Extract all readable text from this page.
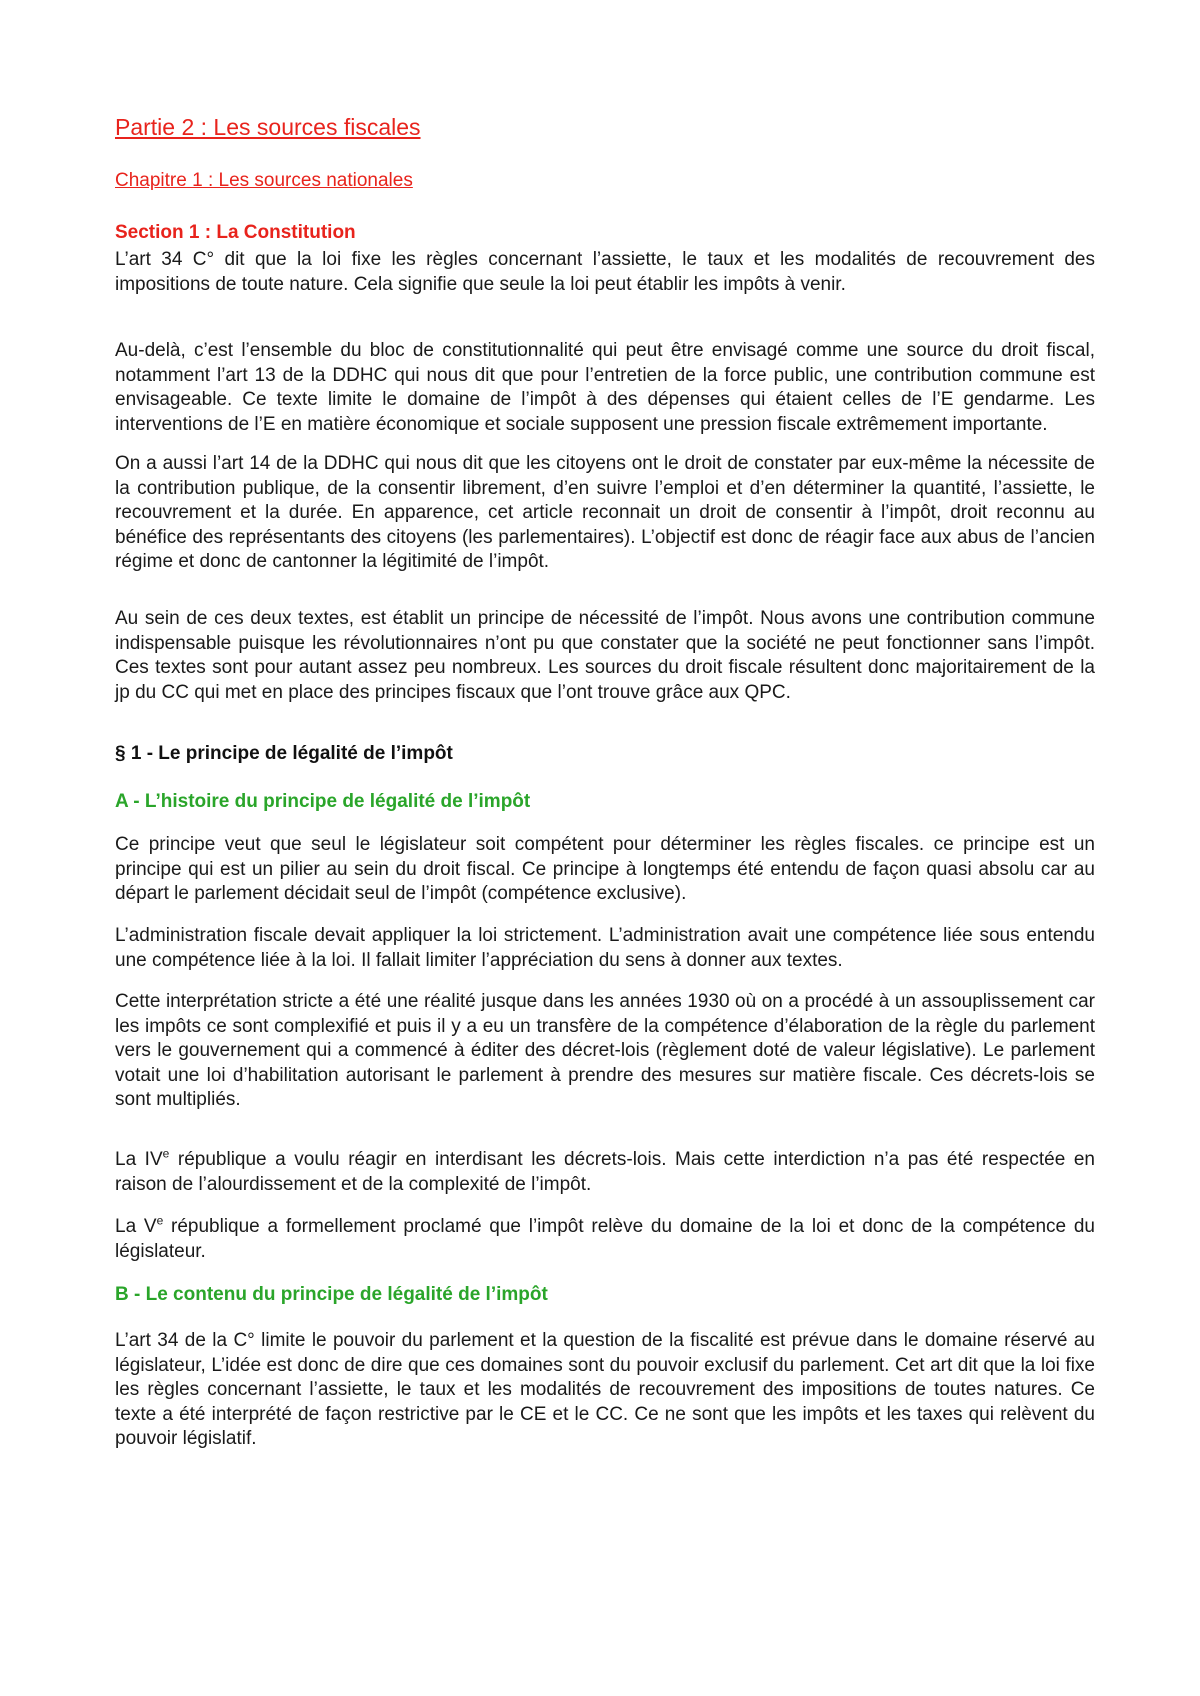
Partie 2 : Les sources fiscales
Chapitre 1 : Les sources nationales
Section 1 : La Constitution

L’art 34 C° dit que la loi fixe les règles concernant l’assiette, le taux et les modalités de recouvrement des impositions de toute nature. Cela signifie que seule la loi peut établir les impôts à venir.

Au-delà, c’est l’ensemble du bloc de constitutionnalité qui peut être envisagé comme une source du droit fiscal, notamment l’art 13 de la DDHC qui nous dit que pour l’entretien de la force public, une contribution commune est envisageable. Ce texte limite le domaine de l’impôt à des dépenses qui étaient celles de l’E gendarme. Les interventions de l’E en matière économique et sociale supposent une pression fiscale extrêmement importante.

On a aussi l’art 14 de la DDHC qui nous dit que les citoyens ont le droit de constater par eux-même la nécessite de la contribution publique, de la consentir librement, d’en suivre l’emploi et d’en déterminer la quantité, l’assiette, le recouvrement et la durée. En apparence, cet article reconnait un droit de consentir à l’impôt, droit reconnu au bénéfice des représentants des citoyens (les parlementaires). L’objectif est donc de réagir face aux abus de l’ancien régime et donc de cantonner la légitimité de l’impôt.

Au sein de ces deux textes, est établit un principe de nécessité de l’impôt. Nous avons une contribution commune indispensable puisque les révolutionnaires n’ont pu que constater que la société ne peut fonctionner sans l’impôt. Ces textes sont pour autant assez peu nombreux. Les sources du droit fiscale résultent donc majoritairement de la jp du CC qui met en place des principes fiscaux que l’ont trouve grâce aux QPC.

§ 1 - Le principe de légalité de l’impôt
A - L’histoire du principe de légalité de l’impôt

Ce principe veut que seul le législateur soit compétent pour déterminer les règles fiscales. ce principe est un principe qui est un pilier au sein du droit fiscal. Ce principe à longtemps été entendu de façon quasi absolu car au départ le parlement décidait seul de l’impôt (compétence exclusive).

L’administration fiscale devait appliquer la loi strictement. L’administration avait une compétence liée sous entendu une compétence liée à la loi. Il fallait limiter l’appréciation du sens à donner aux textes.

Cette interprétation stricte a été une réalité jusque dans les années 1930 où on a procédé à un assouplissement car les impôts ce sont complexifié et puis il y a eu un transfère de la compétence d’élaboration de la règle du parlement vers le gouvernement qui a commencé à éditer des décret-lois (règlement doté de valeur législative). Le parlement votait une loi d’habilitation autorisant le parlement à prendre des mesures sur matière fiscale. Ces décrets-lois se sont multipliés.

La IVe république a voulu réagir en interdisant les décrets-lois. Mais cette interdiction n’a pas été respectée en raison de l’alourdissement et de la complexité de l’impôt.

La Ve république a formellement proclamé que l’impôt relève du domaine de la loi et donc de la compétence du législateur.

B - Le contenu du principe de légalité de l’impôt

L’art 34 de la C° limite le pouvoir du parlement et la question de la fiscalité est prévue dans le domaine réservé au législateur, L’idée est donc de dire que ces domaines sont du pouvoir exclusif du parlement. Cet art dit que la loi fixe les règles concernant l’assiette, le taux et les modalités de recouvrement des impositions de toutes natures. Ce texte a été interprété de façon restrictive par le CE et le CC. Ce ne sont que les impôts et les taxes qui relèvent du pouvoir législatif.
